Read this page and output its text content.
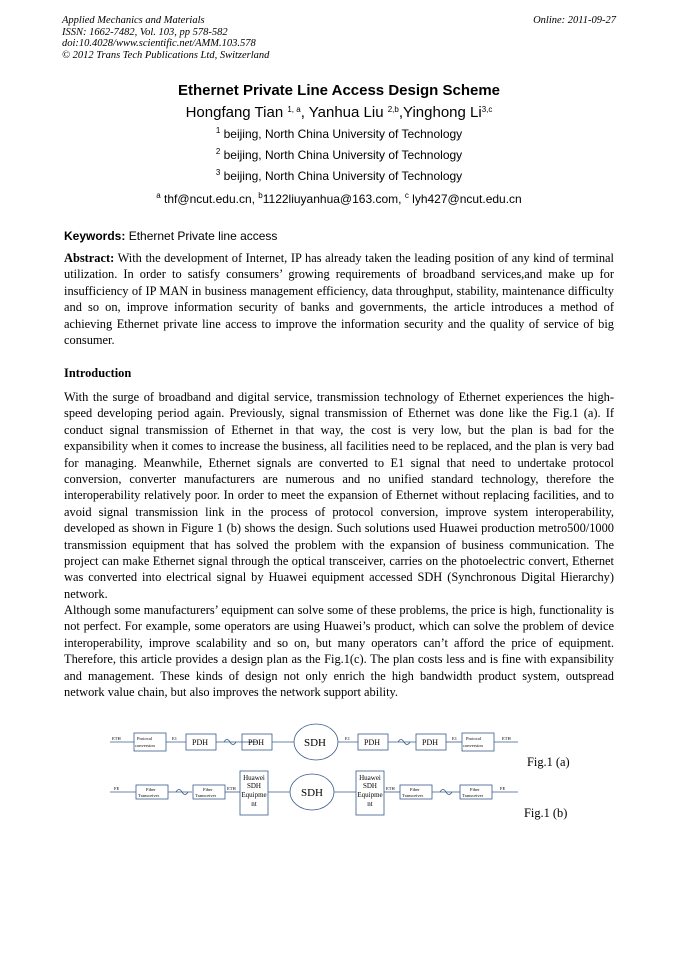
Applied Mechanics and Materials
ISSN: 1662-7482, Vol. 103, pp 578-582
doi:10.4028/www.scientific.net/AMM.103.578
© 2012 Trans Tech Publications Ltd, Switzerland
Online: 2011-09-27
Ethernet Private Line Access Design Scheme
Hongfang Tian $^{1, a}$, Yanhua Liu $^{2,b}$,Yinghong Li$^{3,c}$
$^1$ beijing, North China University of Technology
$^2$ beijing, North China University of Technology
$^3$ beijing, North China University of Technology
$^a$ thf@ncut.edu.cn, $^b$1122liuyanhua@163.com, $^c$ lyh427@ncut.edu.cn
Keywords: Ethernet Private line access
Abstract: With the development of Internet, IP has already taken the leading position of any kind of terminal utilization. In order to satisfy consumers’ growing requirements of broadband services,and make up for insufficiency of IP MAN in business management efficiency, data throughput, stability, maintenance difficulty and so on, improve information security of banks and governments, the article introduces a method of achieving Ethernet private line access to improve the information security and the quality of service of big consumer.
Introduction
With the surge of broadband and digital service, transmission technology of Ethernet experiences the high-speed developing period again. Previously, signal transmission of Ethernet was done like the Fig.1 (a). If conduct signal transmission of Ethernet in that way, the cost is very low, but the plan is bad for the expansibility when it comes to increase the business, all facilities need to be replaced, and the plan is very bad for managing. Meanwhile, Ethernet signals are converted to E1 signal that need to undertake protocol conversion, converter manufacturers are numerous and no unified standard technology, therefore the interoperability relatively poor. In order to meet the expansion of Ethernet without replacing facilities, and to avoid signal transmission link in the process of protocol conversion, improve system interoperability, developed as shown in Figure 1 (b) shows the design. Such solutions used Huawei production metro500/1000 transmission equipment that has solved the problem with the expansion of business communication. The project can make Ethernet signal through the optical transceiver, carries on the photoelectric convert, Ethernet was converted into electrical signal by Huawei equipment accessed SDH (Synchronous Digital Hierarchy) network.
Although some manufacturers’ equipment can solve some of these problems, the price is high, functionality is not perfect. For example, some operators are using Huawei’s product, which can solve the problem of device interoperability, improve scalability and so on, but many operators can’t afford the price of equipment. Therefore, this article provides a design plan as the Fig.1(c). The plan costs less and is fine with expansibility and management. These kinds of design not only enrich the high bandwidth product system, outspread network value chain, but also improves the network support ability.
ETH	E1
Protocol
conversion
E1	Protocol
conversion
E1	ETH
PDH	PDH	PDH	PDH
SDH
FE	Fiber
Transceiver
Fiber
Transceiver
ETH	ETH	Fiber
Transceiver
Fiber
Transceiver
FE
Huawei
SDH
Equipme
nt
Huawei
SDH
Equipme
nt
SDH
Fig.1 (a)
Fig.1 (b)
